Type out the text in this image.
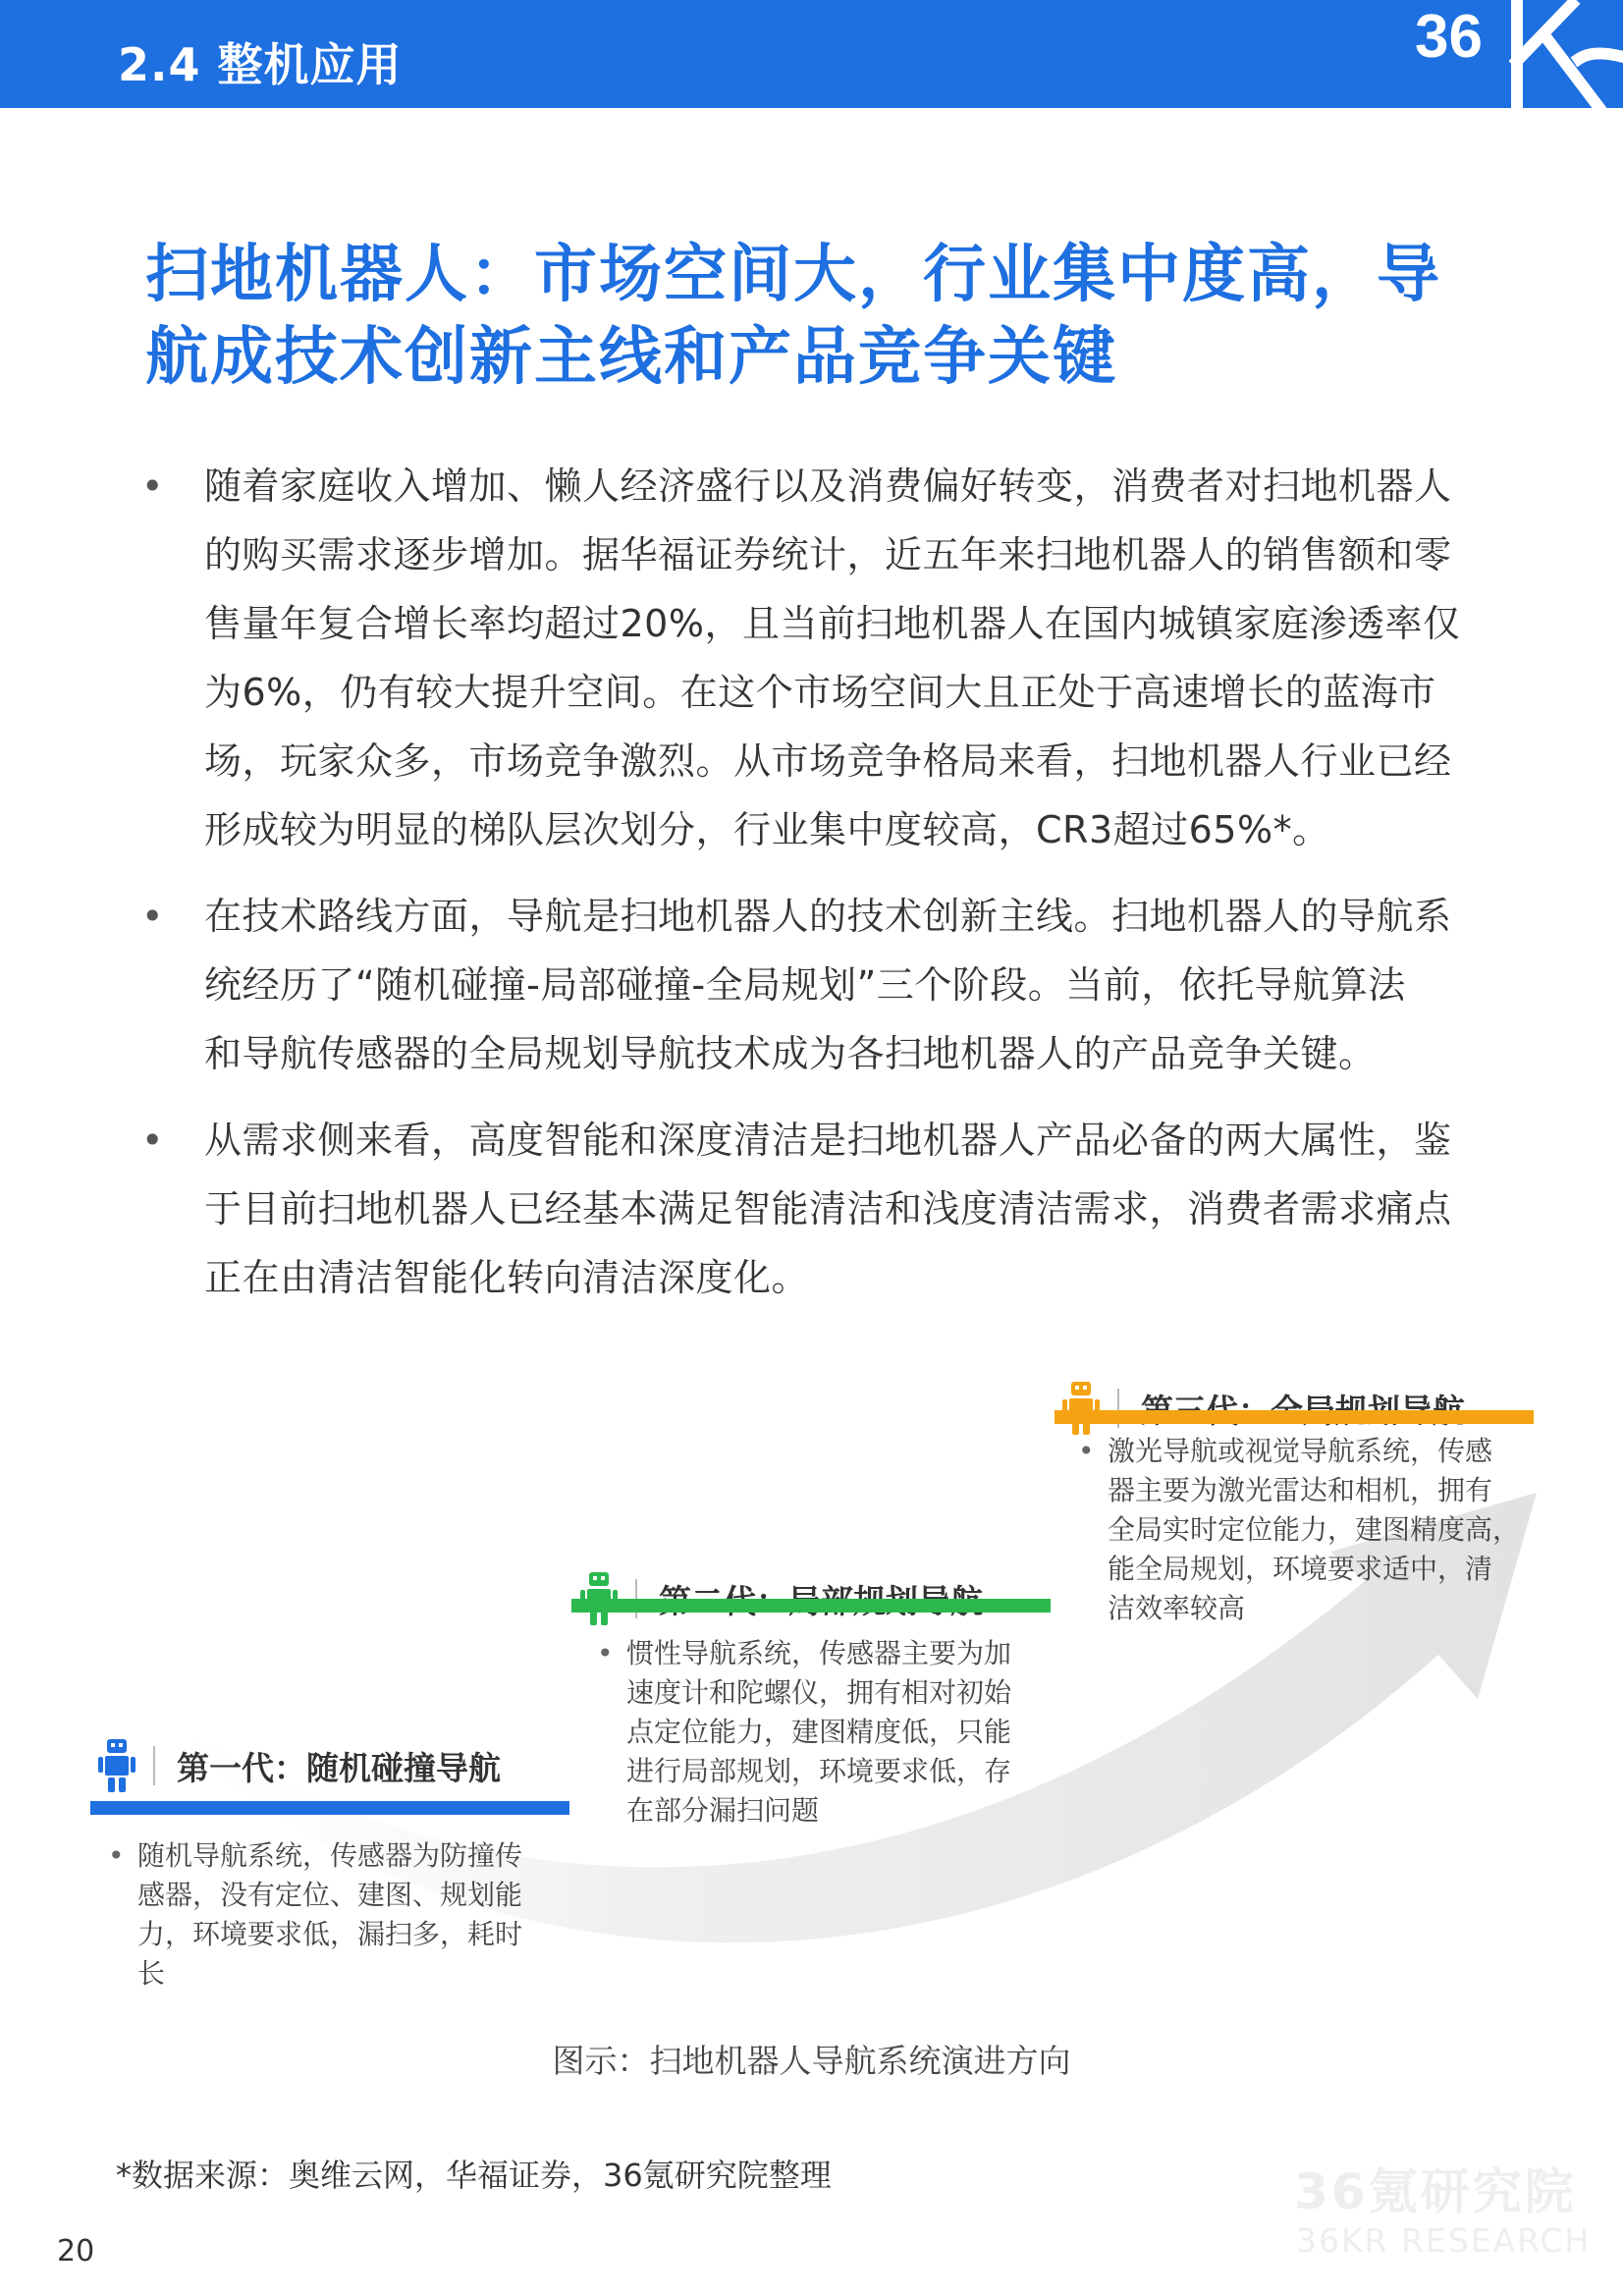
2.4 整机应用	36
扫地机器人：市场空间大，行业集中度高，导
航成技术创新主线和产品竞争关键
• 随着家庭收入增加、懒人经济盛行以及消费偏好转变，消费者对扫地机器人
的购买需求逐步增加。据华福证券统计，近五年来扫地机器人的销售额和零
售量年复合增长率均超过20%，且当前扫地机器人在国内城镇家庭渗透率仅
为6%，仍有较大提升空间。在这个市场空间大且正处于高速增长的蓝海市
场，玩家众多，市场竞争激烈。从市场竞争格局来看，扫地机器人行业已经
形成较为明显的梯队层次划分，行业集中度较高，CR3超过65%*。
• 在技术路线方面，导航是扫地机器人的技术创新主线。扫地机器人的导航系
统经历了“随机碰撞-局部碰撞-全局规划”三个阶段。当前，依托导航算法
和导航传感器的全局规划导航技术成为各扫地机器人的产品竞争关键。
• 从需求侧来看，高度智能和深度清洁是扫地机器人产品必备的两大属性，鉴
于目前扫地机器人已经基本满足智能清洁和浅度清洁需求，消费者需求痛点
正在由清洁智能化转向清洁深度化。
第一代：随机碰撞导航
• 随机导航系统，传感器为防撞传
感器，没有定位、建图、规划能
力，环境要求低，漏扫多，耗时
长
• 惯性导航系统，传感器主要为加
速度计和陀螺仪，拥有相对初始
点定位能力，建图精度低，只能
进行局部规划，环境要求低，存
在部分漏扫问题
• 激光导航或视觉导航系统，传感
器主要为激光雷达和相机，拥有
全局实时定位能力，建图精度高，
能全局规划，环境要求适中，清
洁效率较高
图示：扫地机器人导航系统演进方向
*数据来源：奥维云网，华福证券，36氪研究院整理	36氪研究院
36KR RESEARCH
20
